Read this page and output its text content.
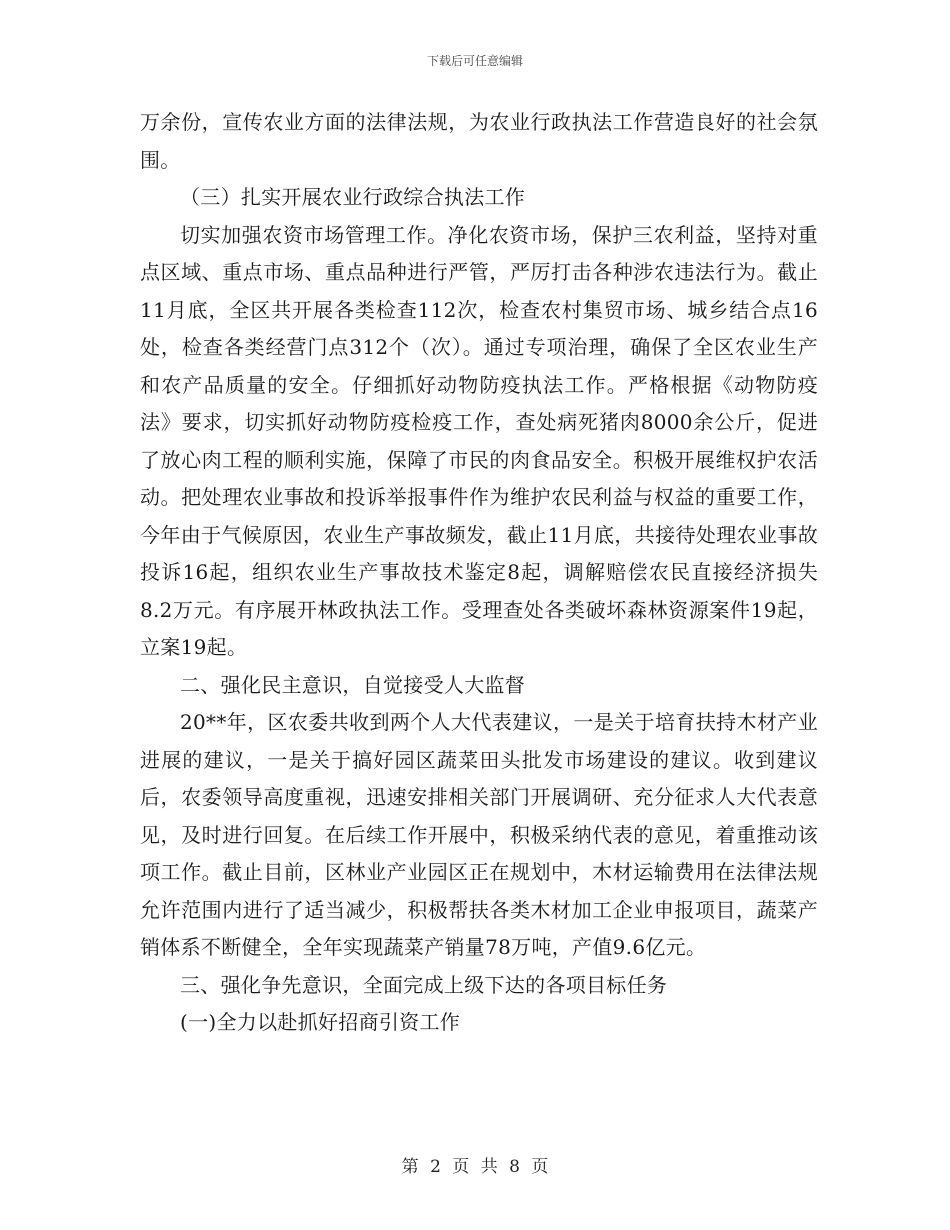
下载后可任意编辑

万余份，宣传农业方面的法律法规，为农业行政执法工作营造良好的社会氛围。

（三）扎实开展农业行政综合执法工作

切实加强农资市场管理工作。净化农资市场，保护三农利益，坚持对重点区域、重点市场、重点品种进行严管，严厉打击各种涉农违法行为。截止11月底，全区共开展各类检查112次，检查农村集贸市场、城乡结合点16处，检查各类经营门点312个（次）。通过专项治理，确保了全区农业生产和农产品质量的安全。仔细抓好动物防疫执法工作。严格根据《动物防疫法》要求，切实抓好动物防疫检疫工作，查处病死猪肉8000余公斤，促进了放心肉工程的顺利实施，保障了市民的肉食品安全。积极开展维权护农活动。把处理农业事故和投诉举报事件作为维护农民利益与权益的重要工作，今年由于气候原因，农业生产事故频发，截止11月底，共接待处理农业事故投诉16起，组织农业生产事故技术鉴定8起，调解赔偿农民直接经济损失8.2万元。有序展开林政执法工作。受理查处各类破坏森林资源案件19起，立案19起。

二、强化民主意识，自觉接受人大监督

20**年，区农委共收到两个人大代表建议，一是关于培育扶持木材产业进展的建议，一是关于搞好园区蔬菜田头批发市场建设的建议。收到建议后，农委领导高度重视，迅速安排相关部门开展调研、充分征求人大代表意见，及时进行回复。在后续工作开展中，积极采纳代表的意见，着重推动该项工作。截止目前，区林业产业园区正在规划中，木材运输费用在法律法规允许范围内进行了适当减少，积极帮扶各类木材加工企业申报项目，蔬菜产销体系不断健全，全年实现蔬菜产销量78万吨，产值9.6亿元。

三、强化争先意识，全面完成上级下达的各项目标任务

(一)全力以赴抓好招商引资工作

第 2 页 共 8 页
